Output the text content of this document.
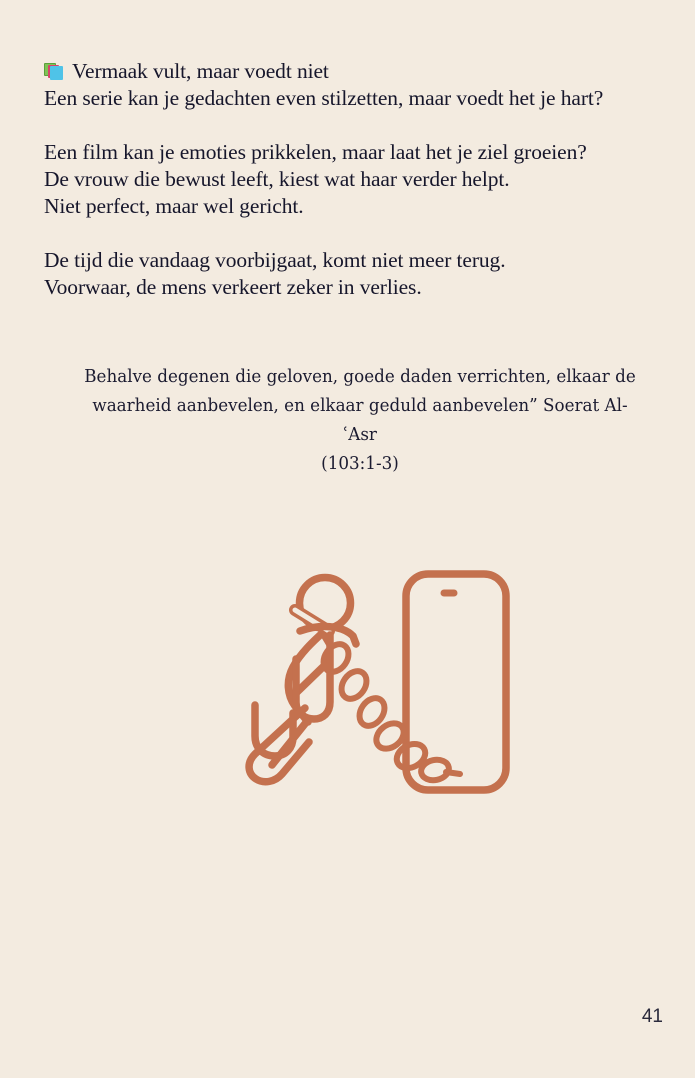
Vermaak vult, maar voedt niet
Een serie kan je gedachten even stilzetten, maar voedt het je hart?

Een film kan je emoties prikkelen, maar laat het je ziel groeien?
De vrouw die bewust leeft, kiest wat haar verder helpt.
Niet perfect, maar wel gericht.

De tijd die vandaag voorbijgaat, komt niet meer terug.
Voorwaar, de mens verkeert zeker in verlies.

Behalve degenen die geloven, goede daden verrichten, elkaar de
waarheid aanbevelen, en elkaar geduld aanbevelen” Soerat Al-ʿAsr
(103:1-3)
41
